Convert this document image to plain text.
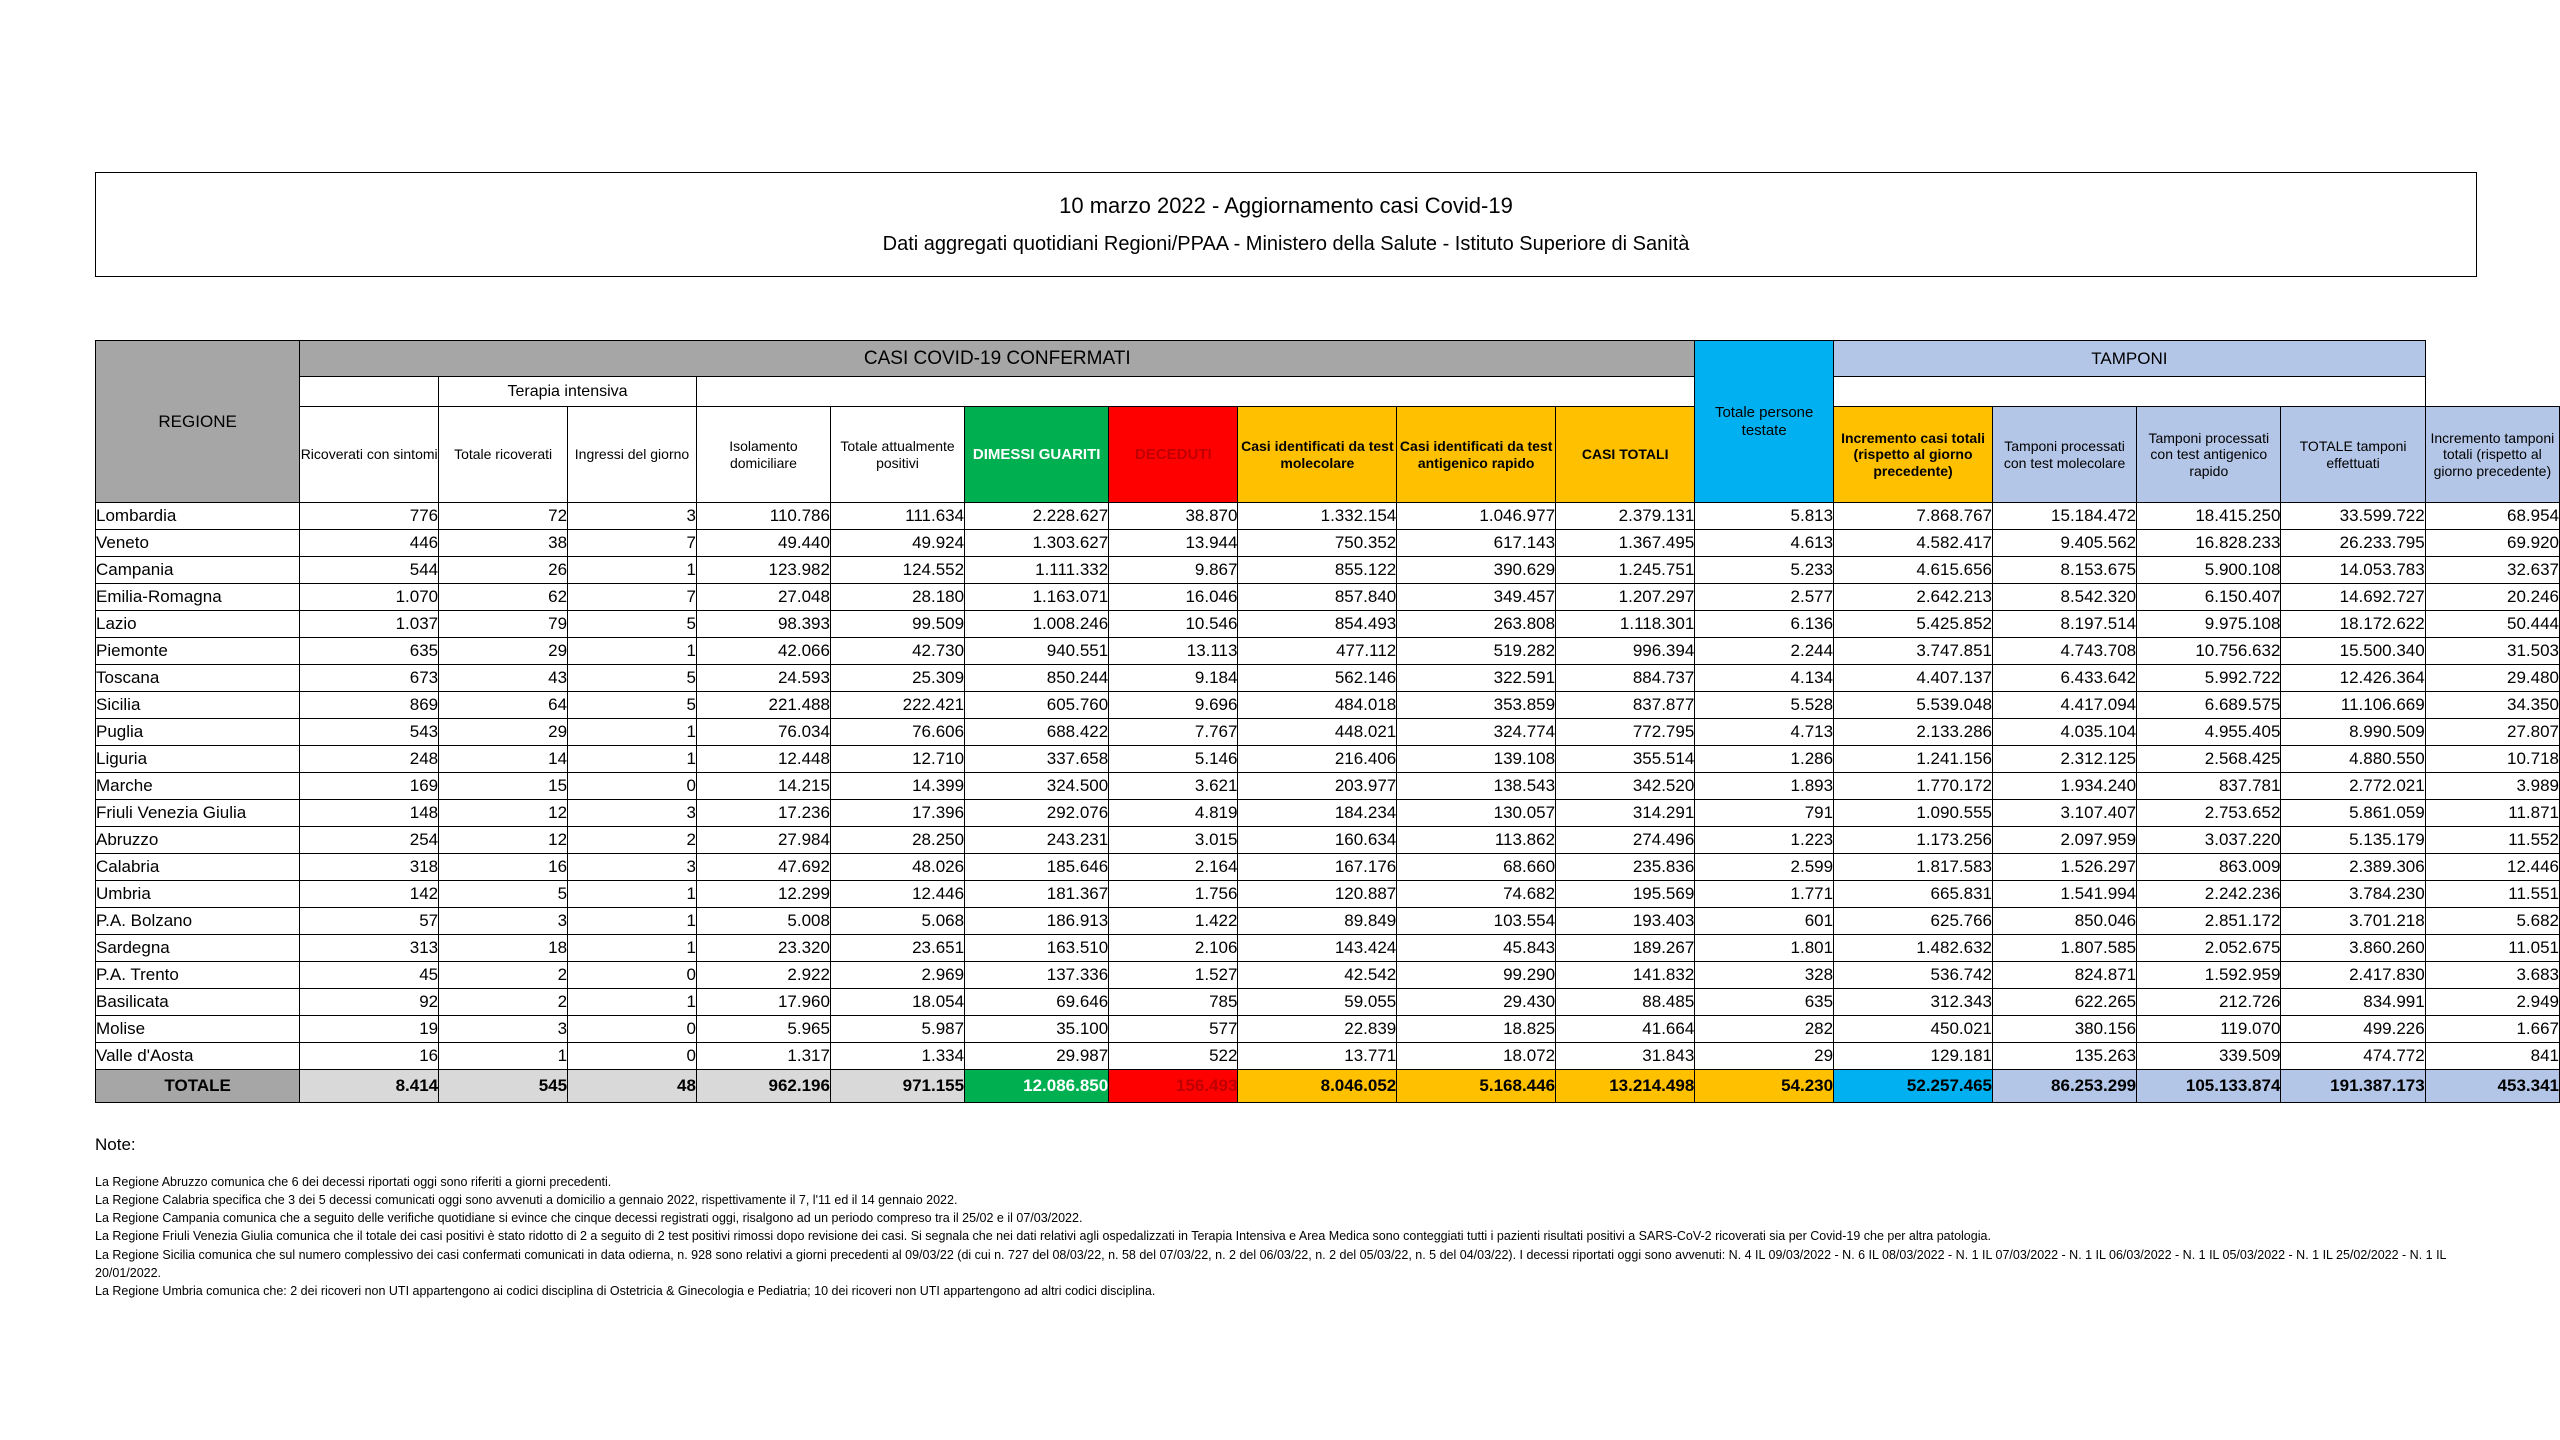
10 marzo 2022 - Aggiornamento casi Covid-19
Dati aggregati quotidiani Regioni/PPAA - Ministero della Salute - Istituto Superiore di Sanità
REGIONE	CASI COVID-19 CONFERMATI										Totale persone testate	TAMPONI				
		Terapia intensiva														
	Ricoverati con sintomi	Totale ricoverati	Ingressi del giorno	Isolamento domiciliare	Totale attualmente positivi	DIMESSI GUARITI	DECEDUTI	Casi identificati da test molecolare	Casi identificati da test antigenico rapido	CASI TOTALI		Incremento casi totali (rispetto al giorno precedente)	Tamponi processati con test molecolare	Tamponi processati con test antigenico rapido	TOTALE tamponi effettuati	Incremento tamponi totali (rispetto al giorno precedente)
Lombardia	776	72	3	110.786	111.634	2.228.627	38.870	1.332.154	1.046.977	2.379.131	5.813	7.868.767	15.184.472	18.415.250	33.599.722	68.954
Veneto	446	38	7	49.440	49.924	1.303.627	13.944	750.352	617.143	1.367.495	4.613	4.582.417	9.405.562	16.828.233	26.233.795	69.920
Campania	544	26	1	123.982	124.552	1.111.332	9.867	855.122	390.629	1.245.751	5.233	4.615.656	8.153.675	5.900.108	14.053.783	32.637
Emilia-Romagna	1.070	62	7	27.048	28.180	1.163.071	16.046	857.840	349.457	1.207.297	2.577	2.642.213	8.542.320	6.150.407	14.692.727	20.246
Lazio	1.037	79	5	98.393	99.509	1.008.246	10.546	854.493	263.808	1.118.301	6.136	5.425.852	8.197.514	9.975.108	18.172.622	50.444
Piemonte	635	29	1	42.066	42.730	940.551	13.113	477.112	519.282	996.394	2.244	3.747.851	4.743.708	10.756.632	15.500.340	31.503
Toscana	673	43	5	24.593	25.309	850.244	9.184	562.146	322.591	884.737	4.134	4.407.137	6.433.642	5.992.722	12.426.364	29.480
Sicilia	869	64	5	221.488	222.421	605.760	9.696	484.018	353.859	837.877	5.528	5.539.048	4.417.094	6.689.575	11.106.669	34.350
Puglia	543	29	1	76.034	76.606	688.422	7.767	448.021	324.774	772.795	4.713	2.133.286	4.035.104	4.955.405	8.990.509	27.807
Liguria	248	14	1	12.448	12.710	337.658	5.146	216.406	139.108	355.514	1.286	1.241.156	2.312.125	2.568.425	4.880.550	10.718
Marche	169	15	0	14.215	14.399	324.500	3.621	203.977	138.543	342.520	1.893	1.770.172	1.934.240	837.781	2.772.021	3.989
Friuli Venezia Giulia	148	12	3	17.236	17.396	292.076	4.819	184.234	130.057	314.291	791	1.090.555	3.107.407	2.753.652	5.861.059	11.871
Abruzzo	254	12	2	27.984	28.250	243.231	3.015	160.634	113.862	274.496	1.223	1.173.256	2.097.959	3.037.220	5.135.179	11.552
Calabria	318	16	3	47.692	48.026	185.646	2.164	167.176	68.660	235.836	2.599	1.817.583	1.526.297	863.009	2.389.306	12.446
Umbria	142	5	1	12.299	12.446	181.367	1.756	120.887	74.682	195.569	1.771	665.831	1.541.994	2.242.236	3.784.230	11.551
P.A. Bolzano	57	3	1	5.008	5.068	186.913	1.422	89.849	103.554	193.403	601	625.766	850.046	2.851.172	3.701.218	5.682
Sardegna	313	18	1	23.320	23.651	163.510	2.106	143.424	45.843	189.267	1.801	1.482.632	1.807.585	2.052.675	3.860.260	11.051
P.A. Trento	45	2	0	2.922	2.969	137.336	1.527	42.542	99.290	141.832	328	536.742	824.871	1.592.959	2.417.830	3.683
Basilicata	92	2	1	17.960	18.054	69.646	785	59.055	29.430	88.485	635	312.343	622.265	212.726	834.991	2.949
Molise	19	3	0	5.965	5.987	35.100	577	22.839	18.825	41.664	282	450.021	380.156	119.070	499.226	1.667
Valle d'Aosta	16	1	0	1.317	1.334	29.987	522	13.771	18.072	31.843	29	129.181	135.263	339.509	474.772	841
TOTALE	8.414	545	48	962.196	971.155	12.086.850	156.493	8.046.052	5.168.446	13.214.498	54.230	52.257.465	86.253.299	105.133.874	191.387.173	453.341
Note:
La Regione Abruzzo comunica che 6 dei decessi riportati oggi sono riferiti a giorni precedenti.
La Regione Calabria specifica che 3 dei 5 decessi comunicati oggi sono avvenuti a domicilio a gennaio 2022, rispettivamente il 7, l'11 ed il 14 gennaio 2022.
La Regione Campania comunica che a seguito delle verifiche quotidiane si evince che cinque decessi registrati oggi, risalgono ad un periodo compreso tra il 25/02 e il 07/03/2022.
La Regione Friuli Venezia Giulia comunica che il totale dei casi positivi è stato ridotto di 2 a seguito di 2 test positivi rimossi dopo revisione dei casi. Si segnala che nei dati relativi agli ospedalizzati in Terapia Intensiva e Area Medica sono conteggiati tutti i pazienti risultati positivi a SARS-CoV-2 ricoverati sia per Covid-19 che per altra patologia.
La Regione Sicilia comunica che sul numero complessivo dei casi confermati comunicati in data odierna, n. 928 sono relativi a giorni precedenti al 09/03/22 (di cui n. 727 del 08/03/22, n. 58 del 07/03/22, n. 2 del 06/03/22, n. 2 del 05/03/22, n. 5 del 04/03/22). I decessi riportati oggi sono avvenuti: N. 4 IL 09/03/2022 - N. 6 IL 08/03/2022 - N. 1 IL 07/03/2022 - N. 1 IL 06/03/2022 - N. 1 IL 05/03/2022 - N. 1 IL 25/02/2022 - N. 1 IL 20/01/2022.
La Regione Umbria comunica che: 2 dei ricoveri non UTI appartengono ai codici disciplina di Ostetricia & Ginecologia e Pediatria; 10 dei ricoveri non UTI appartengono ad altri codici disciplina.
